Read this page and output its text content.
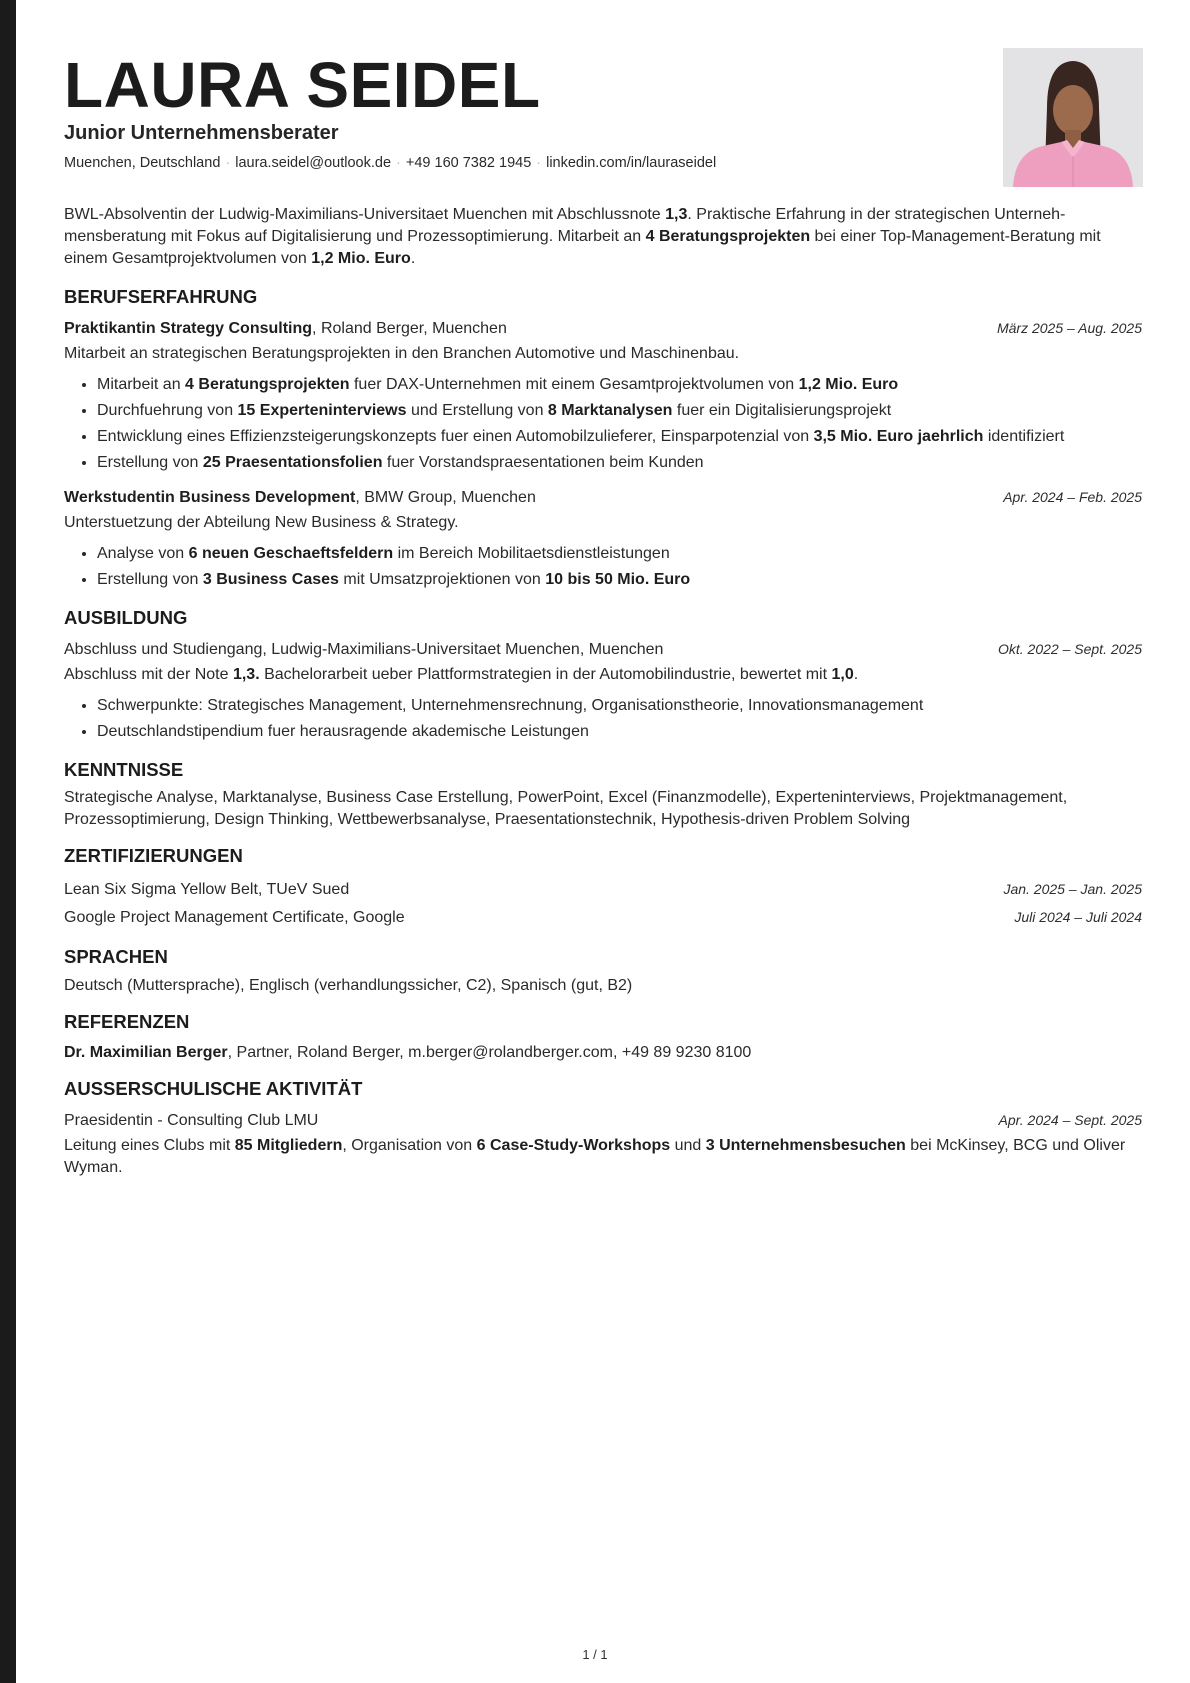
LAURA SEIDEL
Junior Unternehmensberater
Muenchen, Deutschland · laura.seidel@outlook.de · +49 160 7382 1945 · linkedin.com/in/lauraseidel

BWL-Absolventin der Ludwig-Maximilians-Universitaet Muenchen mit Abschlussnote 1,3. Praktische Erfahrung in der strategischen Unternehmensberatung mit Fokus auf Digitalisierung und Prozessoptimierung. Mitarbeit an 4 Beratungsprojekten bei einer Top-Management-Beratung mit einem Gesamtprojektvolumen von 1,2 Mio. Euro.

BERUFSERFAHRUNG
Praktikantin Strategy Consulting, Roland Berger, Muenchen	März 2025 – Aug. 2025
Mitarbeit an strategischen Beratungsprojekten in den Branchen Automotive und Maschinenbau.
• Mitarbeit an 4 Beratungsprojekten fuer DAX-Unternehmen mit einem Gesamtprojektvolumen von 1,2 Mio. Euro
• Durchfuehrung von 15 Experteninterviews und Erstellung von 8 Marktanalysen fuer ein Digitalisierungsprojekt
• Entwicklung eines Effizienzsteigerungskonzepts fuer einen Automobilzulieferer, Einsparpotenzial von 3,5 Mio. Euro jaehrlich identifiziert
• Erstellung von 25 Praesentationsfolien fuer Vorstandspraesentationen beim Kunden
Werkstudentin Business Development, BMW Group, Muenchen	Apr. 2024 – Feb. 2025
Unterstuetzung der Abteilung New Business & Strategy.
• Analyse von 6 neuen Geschaeftsfeldern im Bereich Mobilitaetsdienstleistungen
• Erstellung von 3 Business Cases mit Umsatzprojektionen von 10 bis 50 Mio. Euro
AUSBILDUNG
Abschluss und Studiengang, Ludwig-Maximilians-Universitaet Muenchen, Muenchen	Okt. 2022 – Sept. 2025
Abschluss mit der Note 1,3. Bachelorarbeit ueber Plattformstrategien in der Automobilindustrie, bewertet mit 1,0.
• Schwerpunkte: Strategisches Management, Unternehmensrechnung, Organisationstheorie, Innovationsmanagement
• Deutschlandstipendium fuer herausragende akademische Leistungen
KENNTNISSE
Strategische Analyse, Marktanalyse, Business Case Erstellung, PowerPoint, Excel (Finanzmodelle), Experteninterviews, Projektmanagement, Prozessoptimierung, Design Thinking, Wettbewerbsanalyse, Praesentationstechnik, Hypothesis-driven Problem Solving
ZERTIFIZIERUNGEN
Lean Six Sigma Yellow Belt, TUeV Sued	Jan. 2025 – Jan. 2025
Google Project Management Certificate, Google	Juli 2024 – Juli 2024
SPRACHEN
Deutsch (Muttersprache), Englisch (verhandlungssicher, C2), Spanisch (gut, B2)
REFERENZEN
Dr. Maximilian Berger, Partner, Roland Berger, m.berger@rolandberger.com, +49 89 9230 8100
AUSSERSCHULISCHE AKTIVITÄT
Praesidentin - Consulting Club LMU	Apr. 2024 – Sept. 2025
Leitung eines Clubs mit 85 Mitgliedern, Organisation von 6 Case-Study-Workshops und 3 Unternehmensbesuchen bei McKinsey, BCG und Oliver Wyman.
1 / 1
